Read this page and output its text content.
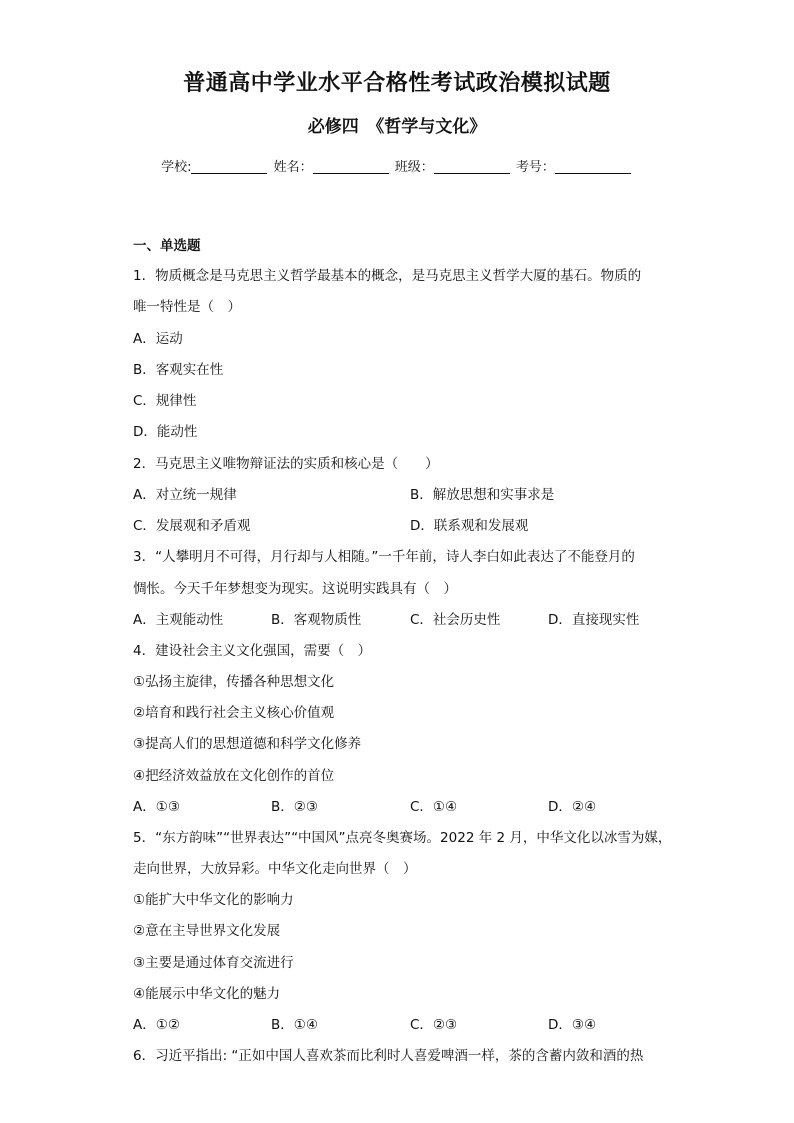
普通高中学业水平合格性考试政治模拟试题
必修四　《哲学与文化》
学校:	姓名：	班级：	考号：
一、单选题
1．物质概念是马克思主义哲学最基本的概念，是马克思主义哲学大厦的基石。物质的
唯一特性是（　）
A．运动
B．客观实在性
C．规律性
D．能动性
2．马克思主义唯物辩证法的实质和核心是（　　）
A．对立统一规律	B．解放思想和实事求是
C．发展观和矛盾观	D．联系观和发展观
3．“人攀明月不可得，月行却与人相随。”一千年前，诗人李白如此表达了不能登月的
惆怅。今天千年梦想变为现实。这说明实践具有（　）
A．主观能动性	B．客观物质性	C．社会历史性	D．直接现实性
4．建设社会主义文化强国，需要（　）
①弘扬主旋律，传播各种思想文化
②培育和践行社会主义核心价值观
③提高人们的思想道德和科学文化修养
④把经济效益放在文化创作的首位
A．①③	B．②③	C．①④	D．②④
5．“东方韵味”“世界表达”“中国风”点亮冬奥赛场。2022 年 2 月，中华文化以冰雪为媒，
走向世界，大放异彩。中华文化走向世界（　）
①能扩大中华文化的影响力
②意在主导世界文化发展
③主要是通过体育交流进行
④能展示中华文化的魅力
A．①②	B．①④	C．②③	D．③④
6．习近平指出: “正如中国人喜欢茶而比利时人喜爱啤酒一样，茶的含蓄内敛和酒的热
